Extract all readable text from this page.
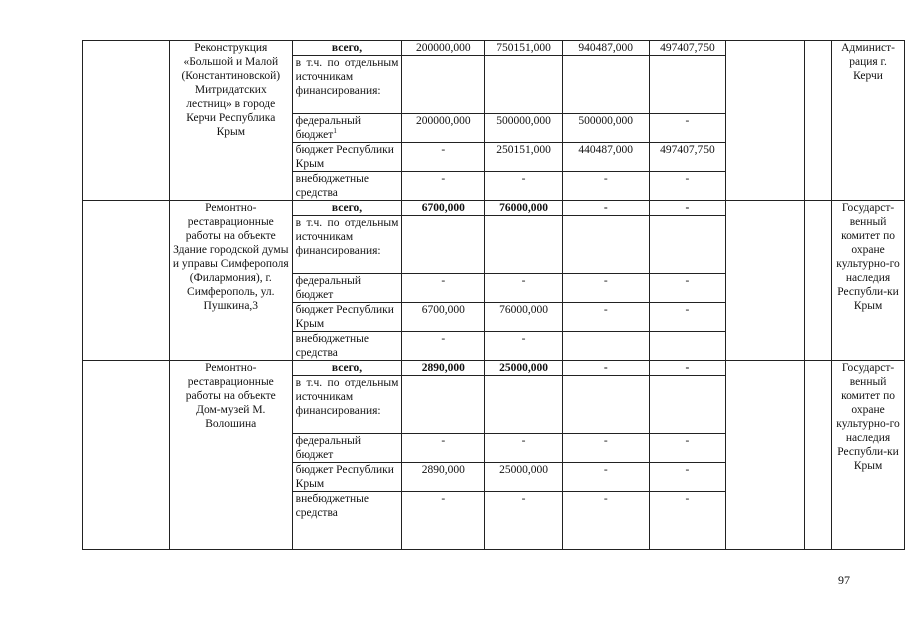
	Реконструкция «Большой и Малой (Константиновской) Митридатских лестниц» в городе Керчи Республика Крым	всего,	200000,000	750151,000	940487,000	497407,750			Админист-рация г. Керчи
		в т.ч. по отдельным источникам финансирования:							
		федеральный бюджет$^1$	200000,000	500000,000	500000,000	-			
		бюджет Республики Крым	-	250151,000	440487,000	497407,750			
		внебюджетные средства	-	-	-	-			
	Ремонтно-реставрационные работы на объекте Здание городской думы и управы Симферополя (Филармония), г. Симферополь, ул. Пушкина,3	всего,	6700,000	76000,000	-	-			Государст-венный комитет по охране культурно-го наследия Республи-ки Крым
		в т.ч. по отдельным источникам финансирования:							
		федеральный бюджет	-	-	-	-			
		бюджет Республики Крым	6700,000	76000,000	-	-			
		внебюджетные средства	-	-					
	Ремонтно-реставрационные работы на объекте Дом-музей М. Волошина	всего,	2890,000	25000,000	-	-			Государст-венный комитет по охране культурно-го наследия Республи-ки Крым
		в т.ч. по отдельным источникам финансирования:							
		федеральный бюджет	-	-	-	-			
		бюджет Республики Крым	2890,000	25000,000	-	-			
		внебюджетные средства	-	-	-	-			
97
